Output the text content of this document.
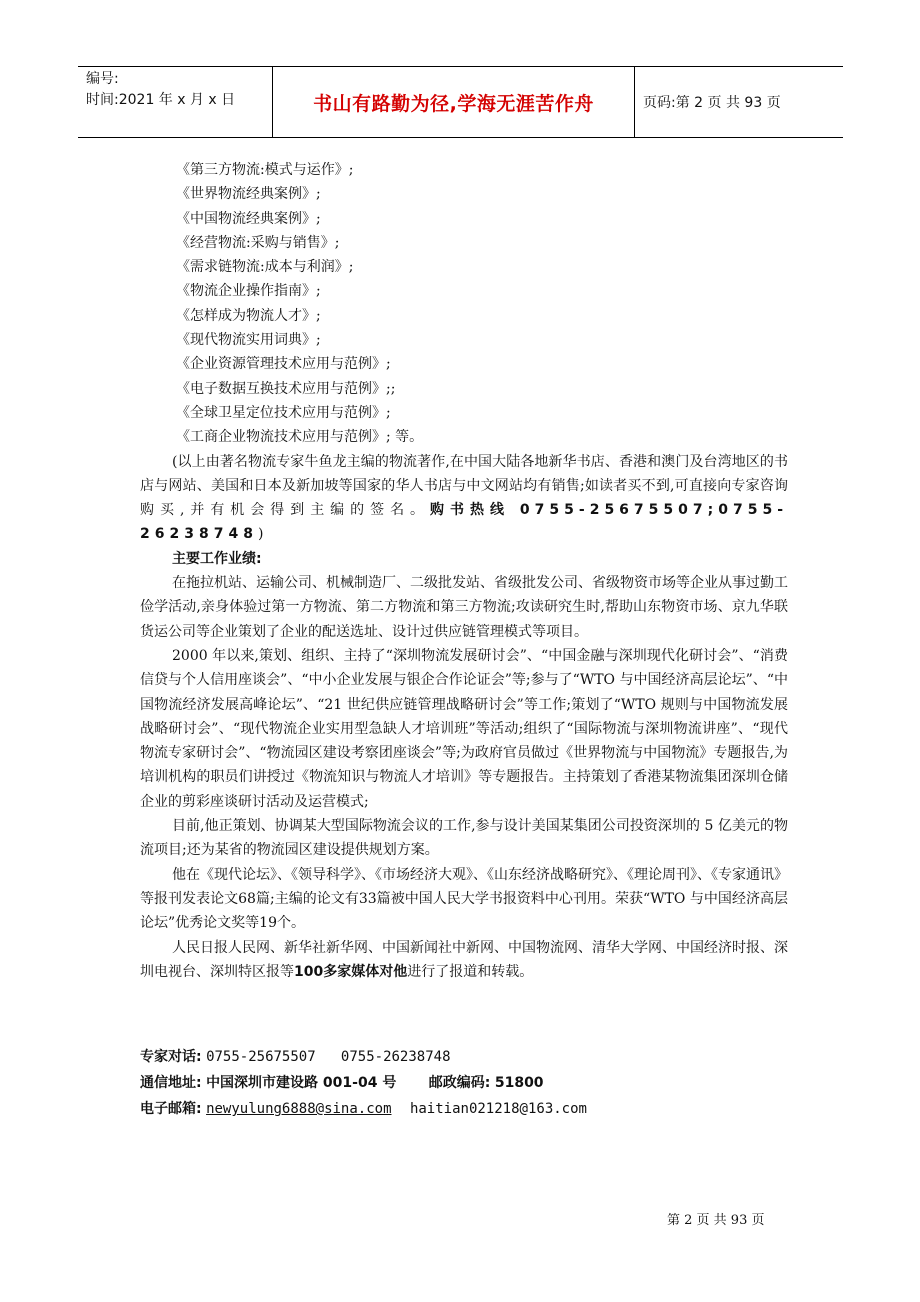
编号:
时间:2021 年 x 月 x 日	书山有路勤为径,学海无涯苦作舟	页码:第 2 页 共 93 页
《第三方物流:模式与运作》;
《世界物流经典案例》;
《中国物流经典案例》;
《经营物流:采购与销售》;
《需求链物流:成本与利润》;
《物流企业操作指南》;
《怎样成为物流人才》;
《现代物流实用词典》;
《企业资源管理技术应用与范例》;
《电子数据互换技术应用与范例》;;
《全球卫星定位技术应用与范例》;
《工商企业物流技术应用与范例》; 等。
(以上由著名物流专家牛鱼龙主编的物流著作,在中国大陆各地新华书店、香港和澳门及台湾地区的书店与网站、美国和日本及新加坡等国家的华人书店与中文网站均有销售;如读者买不到,可直接向专家咨询购买,并有机会得到主编的签名。购书热线 0755-25675507;0755-26238748)
主要工作业绩:
在拖拉机站、运输公司、机械制造厂、二级批发站、省级批发公司、省级物资市场等企业从事过勤工俭学活动,亲身体验过第一方物流、第二方物流和第三方物流;攻读研究生时,帮助山东物资市场、京九华联货运公司等企业策划了企业的配送选址、设计过供应链管理模式等项目。
2000 年以来,策划、组织、主持了“深圳物流发展研讨会”、“中国金融与深圳现代化研讨会”、“消费信贷与个人信用座谈会”、“中小企业发展与银企合作论证会”等;参与了“WTO 与中国经济高层论坛”、“中国物流经济发展高峰论坛”、“21 世纪供应链管理战略研讨会”等工作;策划了“WTO 规则与中国物流发展战略研讨会”、“现代物流企业实用型急缺人才培训班”等活动;组织了“国际物流与深圳物流讲座”、“现代物流专家研讨会”、“物流园区建设考察团座谈会”等;为政府官员做过《世界物流与中国物流》专题报告,为培训机构的职员们讲授过《物流知识与物流人才培训》等专题报告。主持策划了香港某物流集团深圳仓储企业的剪彩座谈研讨活动及运营模式;
目前,他正策划、协调某大型国际物流会议的工作,参与设计美国某集团公司投资深圳的 5 亿美元的物流项目;还为某省的物流园区建设提供规划方案。
他在《现代论坛》、《领导科学》、《市场经济大观》、《山东经济战略研究》、《理论周刊》、《专家通讯》等报刊发表论文68篇;主编的论文有33篇被中国人民大学书报资料中心刊用。荣获“WTO 与中国经济高层论坛”优秀论文奖等19个。
人民日报人民网、新华社新华网、中国新闻社中新网、中国物流网、清华大学网、中国经济时报、深圳电视台、深圳特区报等100多家媒体对他进行了报道和转载。
专家对话: 0755-25675507   0755-26238748
通信地址: 中国深圳市建设路 001-04 号 邮政编码: 51800
电子邮箱: newyulung6888@sina.com haitian021218@163.com
第 2 页 共 93 页
